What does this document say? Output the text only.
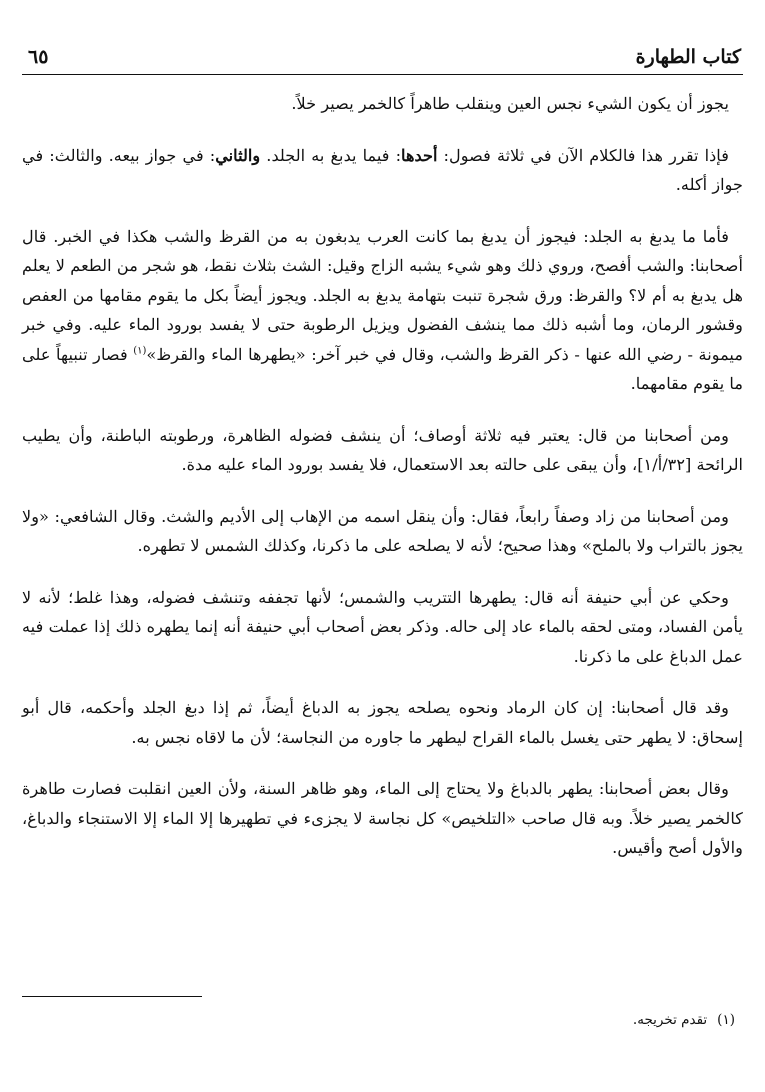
كتاب الطهارة
٦٥

يجوز أن يكون الشيء نجس العين وينقلب طاهراً كالخمر يصير خلاً.

فإذا تقرر هذا فالكلام الآن في ثلاثة فصول: أحدها: فيما يدبغ به الجلد. والثاني: في جواز بيعه. والثالث: في جواز أكله.

فأما ما يدبغ به الجلد: فيجوز أن يدبغ بما كانت العرب يدبغون به من القرظ والشب هكذا في الخبر. قال أصحابنا: والشب أفصح، وروي ذلك وهو شيء يشبه الزاج وقيل: الشث بثلاث نقط، هو شجر من الطعم لا يعلم هل يدبغ به أم لا؟ والقرظ: ورق شجرة تنبت بتهامة يدبغ به الجلد. ويجوز أيضاً بكل ما يقوم مقامها من العفص وقشور الرمان، وما أشبه ذلك مما ينشف الفضول ويزيل الرطوبة حتى لا يفسد بورود الماء عليه. وفي خبر ميمونة - رضي الله عنها - ذكر القرظ والشب، وقال في خبر آخر: «يطهرها الماء والقرظ»$^{(١)}$ فصار تنبيهاً على ما يقوم مقامهما.

ومن أصحابنا من قال: يعتبر فيه ثلاثة أوصاف؛ أن ينشف فضوله الظاهرة، ورطوبته الباطنة، وأن يطيب الرائحة [٣٢/أ/١]، وأن يبقى على حالته بعد الاستعمال، فلا يفسد بورود الماء عليه مدة.

ومن أصحابنا من زاد وصفاً رابعاً، فقال: وأن ينقل اسمه من الإهاب إلى الأديم والشث. وقال الشافعي: «ولا يجوز بالتراب ولا بالملح» وهذا صحيح؛ لأنه لا يصلحه على ما ذكرنا، وكذلك الشمس لا تطهره.

وحكي عن أبي حنيفة أنه قال: يطهرها التتريب والشمس؛ لأنها تجففه وتنشف فضوله، وهذا غلط؛ لأنه لا يأمن الفساد، ومتى لحقه بالماء عاد إلى حاله. وذكر بعض أصحاب أبي حنيفة أنه إنما يطهره ذلك إذا عملت فيه عمل الدباغ على ما ذكرنا.

وقد قال أصحابنا: إن كان الرماد ونحوه يصلحه يجوز به الدباغ أيضاً، ثم إذا دبغ الجلد وأحكمه، قال أبو إسحاق: لا يطهر حتى يغسل بالماء القراح ليطهر ما جاوره من النجاسة؛ لأن ما لاقاه نجس به.

وقال بعض أصحابنا: يطهر بالدباغ ولا يحتاج إلى الماء، وهو ظاهر السنة، ولأن العين انقلبت فصارت طاهرة كالخمر يصير خلاً. وبه قال صاحب «التلخيص» كل نجاسة لا يجزىء في تطهيرها إلا الماء إلا الاستنجاء والدباغ، والأول أصح وأقيس.

(١)تقدم تخريجه.
